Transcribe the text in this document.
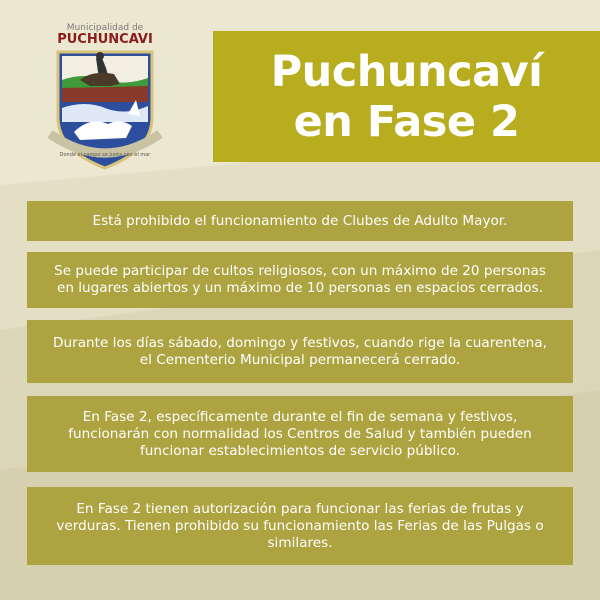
Municipalidad de
PUCHUNCAVI
Donde el campo se junta con el mar
Puchuncaví
en Fase 2
Está prohibido el funcionamiento de Clubes de Adulto Mayor.
Se puede participar de cultos religiosos, con un máximo de 20 personas en lugares abiertos y un máximo de 10 personas en espacios cerrados.
Durante los días sábado, domingo y festivos, cuando rige la cuarentena, el Cementerio Municipal permanecerá cerrado.
En Fase 2, específicamente durante el fin de semana y festivos, funcionarán con normalidad los Centros de Salud y también pueden funcionar establecimientos de servicio público.
En Fase 2 tienen autorización para funcionar las ferias de frutas y verduras. Tienen prohibido su funcionamiento las Ferias de las Pulgas o similares.
